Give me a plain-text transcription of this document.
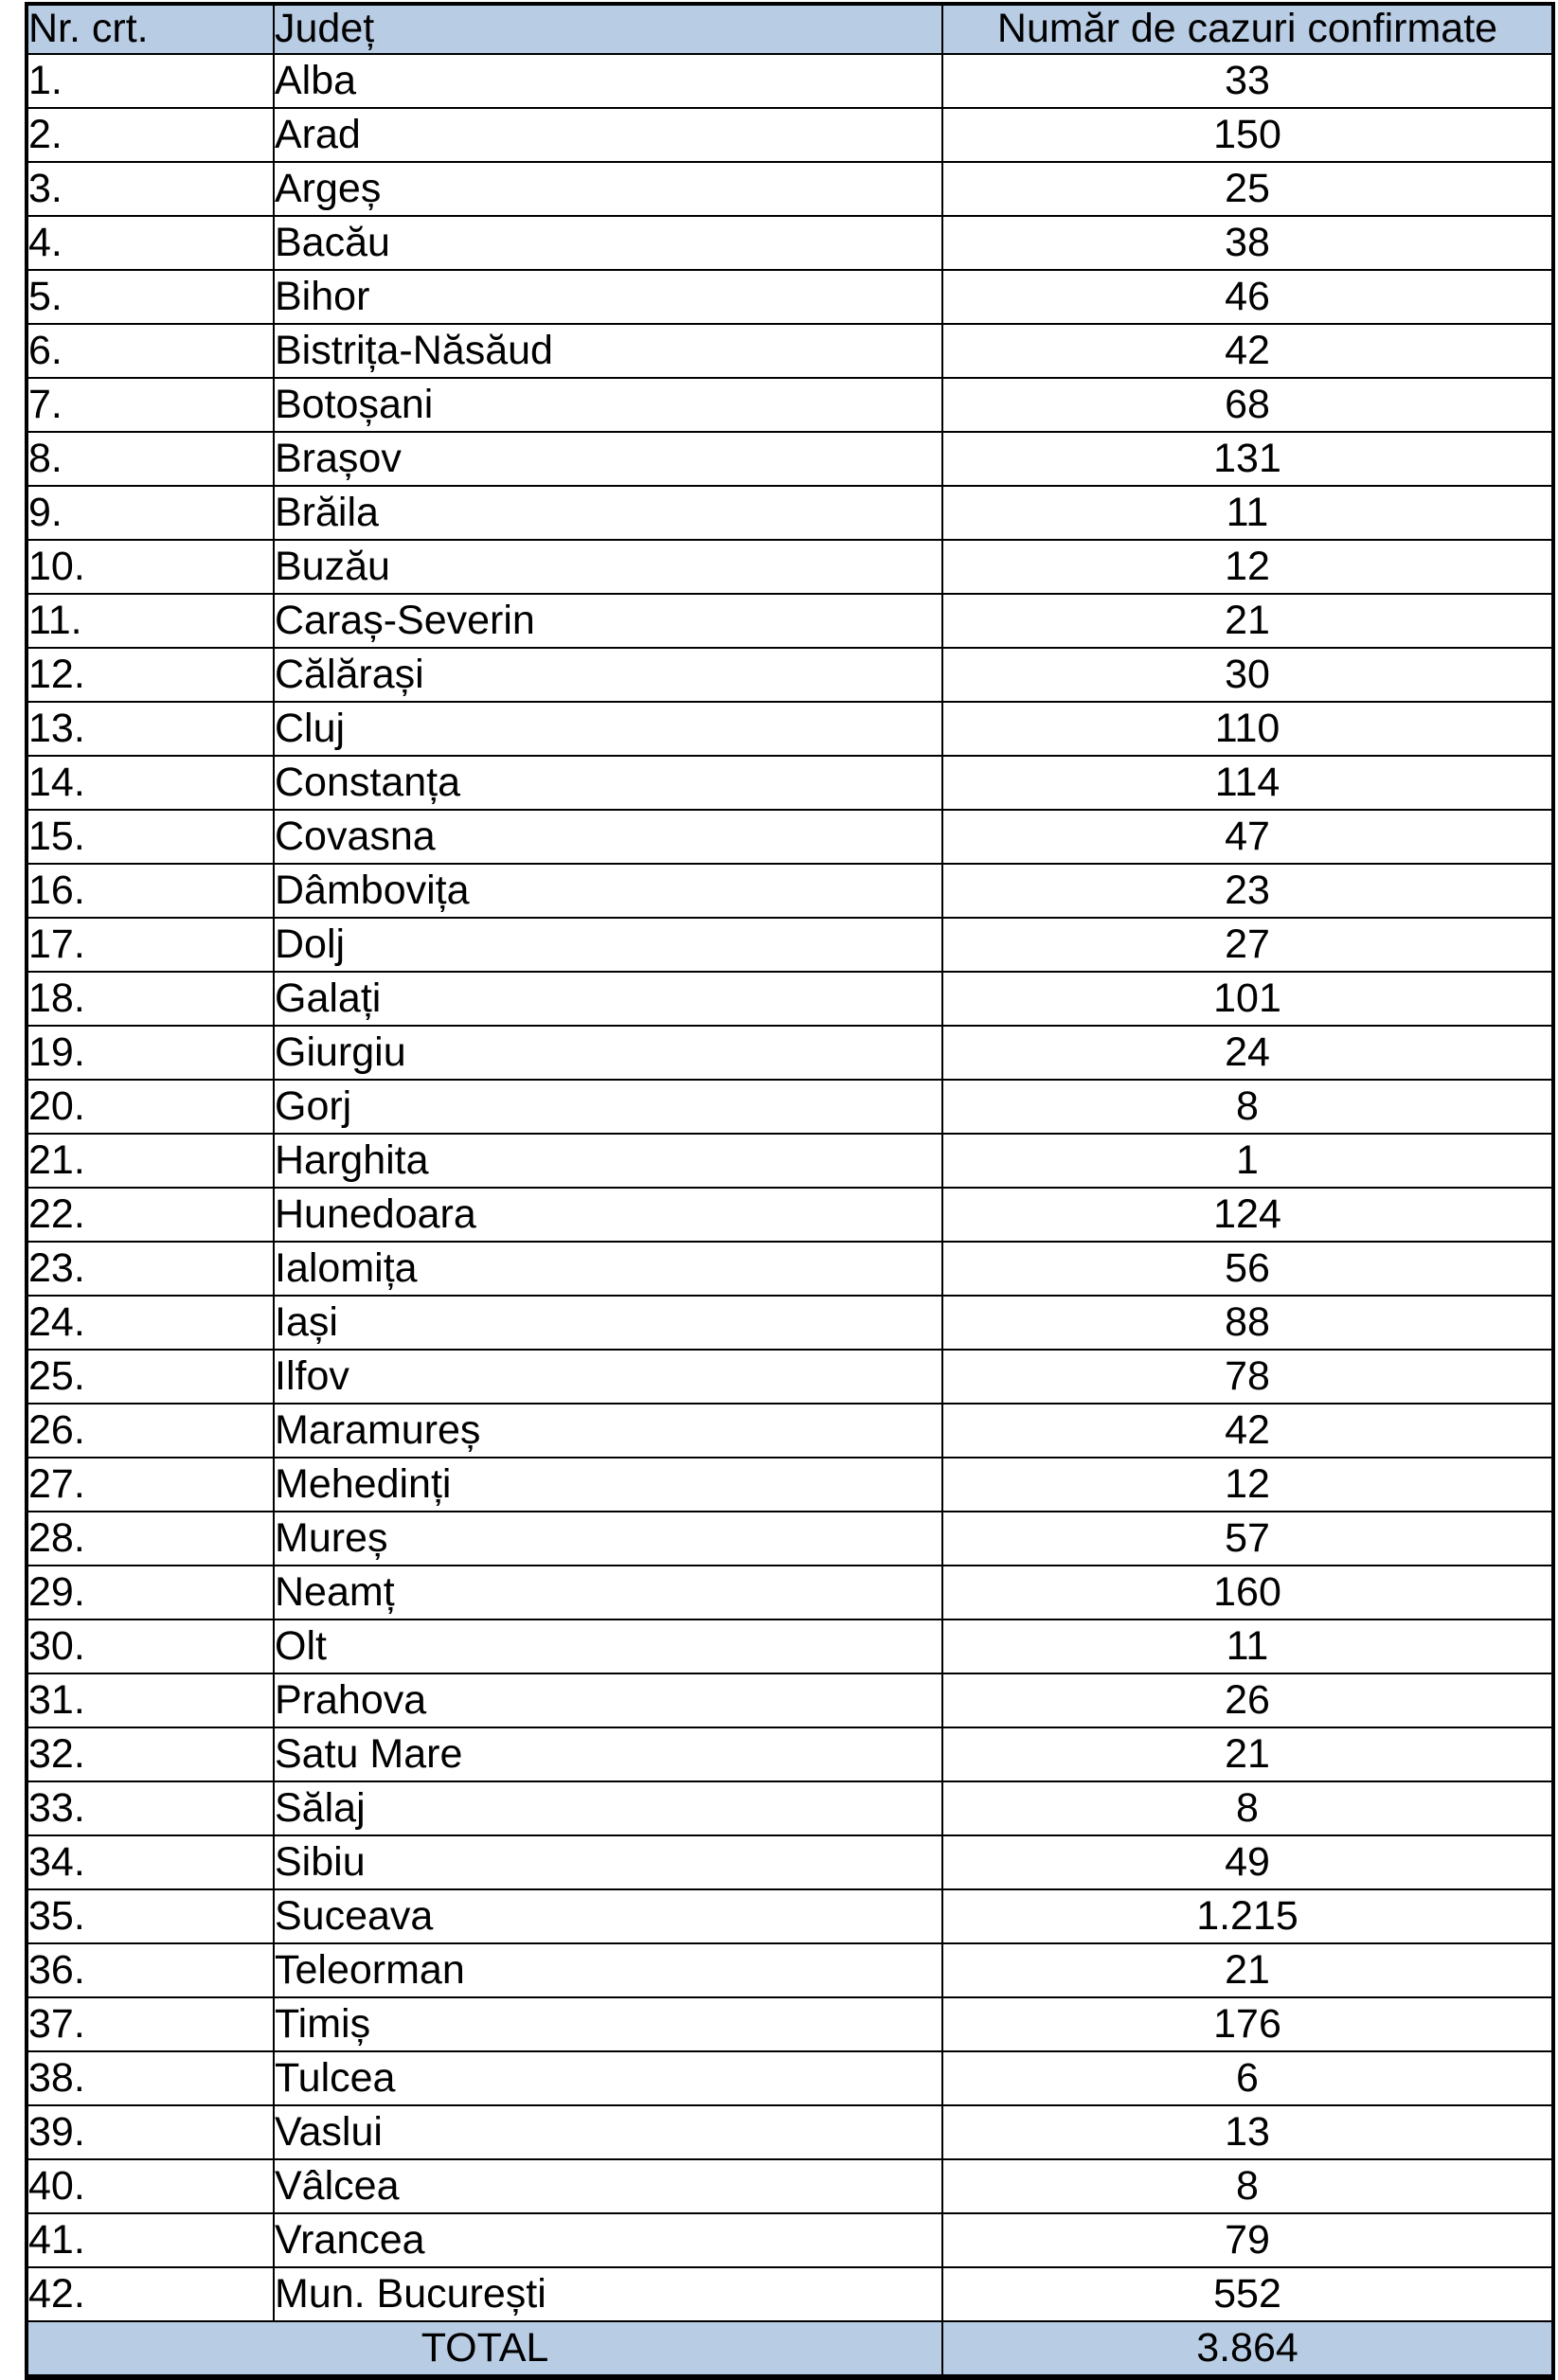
Nr. crt.	Județ	Număr de cazuri confirmate
1.	Alba	33
2.	Arad	150
3.	Argeș	25
4.	Bacău	38
5.	Bihor	46
6.	Bistrița-Năsăud	42
7.	Botoșani	68
8.	Brașov	131
9.	Brăila	11
10.	Buzău	12
11.	Caraș-Severin	21
12.	Călărași	30
13.	Cluj	110
14.	Constanța	114
15.	Covasna	47
16.	Dâmbovița	23
17.	Dolj	27
18.	Galați	101
19.	Giurgiu	24
20.	Gorj	8
21.	Harghita	1
22.	Hunedoara	124
23.	Ialomița	56
24.	Iași	88
25.	Ilfov	78
26.	Maramureș	42
27.	Mehedinți	12
28.	Mureș	57
29.	Neamț	160
30.	Olt	11
31.	Prahova	26
32.	Satu Mare	21
33.	Sălaj	8
34.	Sibiu	49
35.	Suceava	1.215
36.	Teleorman	21
37.	Timiș	176
38.	Tulcea	6
39.	Vaslui	13
40.	Vâlcea	8
41.	Vrancea	79
42.	Mun. București	552
TOTAL		3.864
